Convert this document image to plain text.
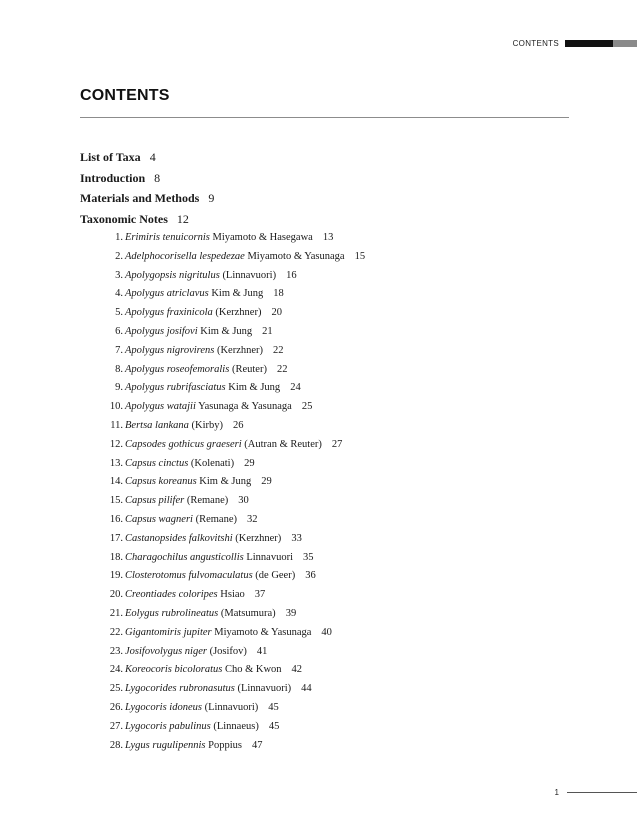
CONTENTS
CONTENTS
List of Taxa 4
Introduction 8
Materials and Methods 9
Taxonomic Notes 12
1. Erimiris tenuicornis Miyamoto & Hasegawa 13
2. Adelphocorisella lespedezae Miyamoto & Yasunaga 15
3. Apolygopsis nigritulus (Linnavuori) 16
4. Apolygus atriclavus Kim & Jung 18
5. Apolygus fraxinicola (Kerzhner) 20
6. Apolygus josifovi Kim & Jung 21
7. Apolygus nigrovirens (Kerzhner) 22
8. Apolygus roseofemoralis (Reuter) 22
9. Apolygus rubrifasciatus Kim & Jung 24
10. Apolygus watajii Yasunaga & Yasunaga 25
11. Bertsa lankana (Kirby) 26
12. Capsodes gothicus graeseri (Autran & Reuter) 27
13. Capsus cinctus (Kolenati) 29
14. Capsus koreanus Kim & Jung 29
15. Capsus pilifer (Remane) 30
16. Capsus wagneri (Remane) 32
17. Castanopsides falkovitshi (Kerzhner) 33
18. Charagochilus angusticollis Linnavuori 35
19. Closterotomus fulvomaculatus (de Geer) 36
20. Creontiades coloripes Hsiao 37
21. Eolygus rubrolineatus (Matsumura) 39
22. Gigantomiris jupiter Miyamoto & Yasunaga 40
23. Josifovolygus niger (Josifov) 41
24. Koreocoris bicoloratus Cho & Kwon 42
25. Lygocorides rubronasutus (Linnavuori) 44
26. Lygocoris idoneus (Linnavuori) 45
27. Lygocoris pabulinus (Linnaeus) 45
28. Lygus rugulipennis Poppius 47
1
